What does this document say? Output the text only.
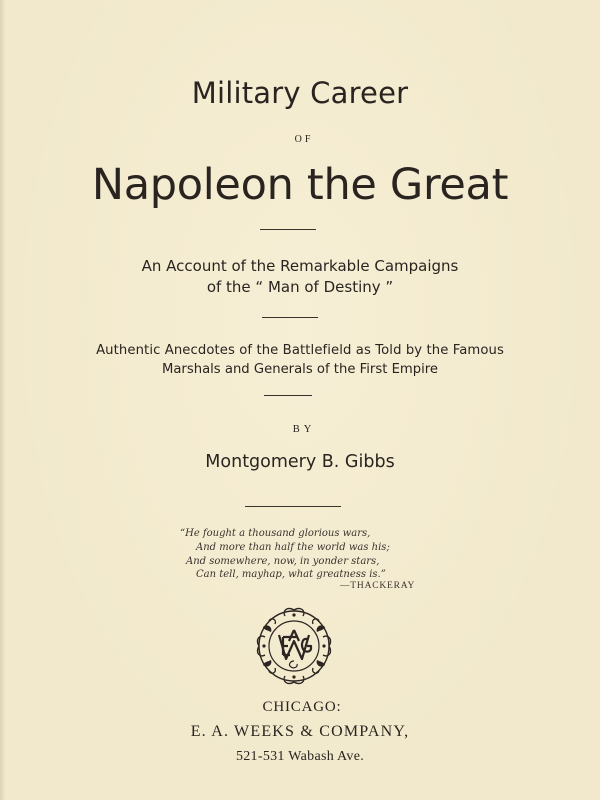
Military Career
OF
Napoleon the Great
An Account of the Remarkable Campaigns
of the “ Man of Destiny ”
Authentic Anecdotes of the Battlefield as Told by the Famous
Marshals and Generals of the First Empire
BY
Montgomery B. Gibbs
“He fought a thousand glorious wars,
And more than half the world was his;
And somewhere, now, in yonder stars,
Can tell, mayhap, what greatness is.”
—THACKERAY
CHICAGO:
E. A. WEEKS & COMPANY,
521-531 Wabash Ave.
